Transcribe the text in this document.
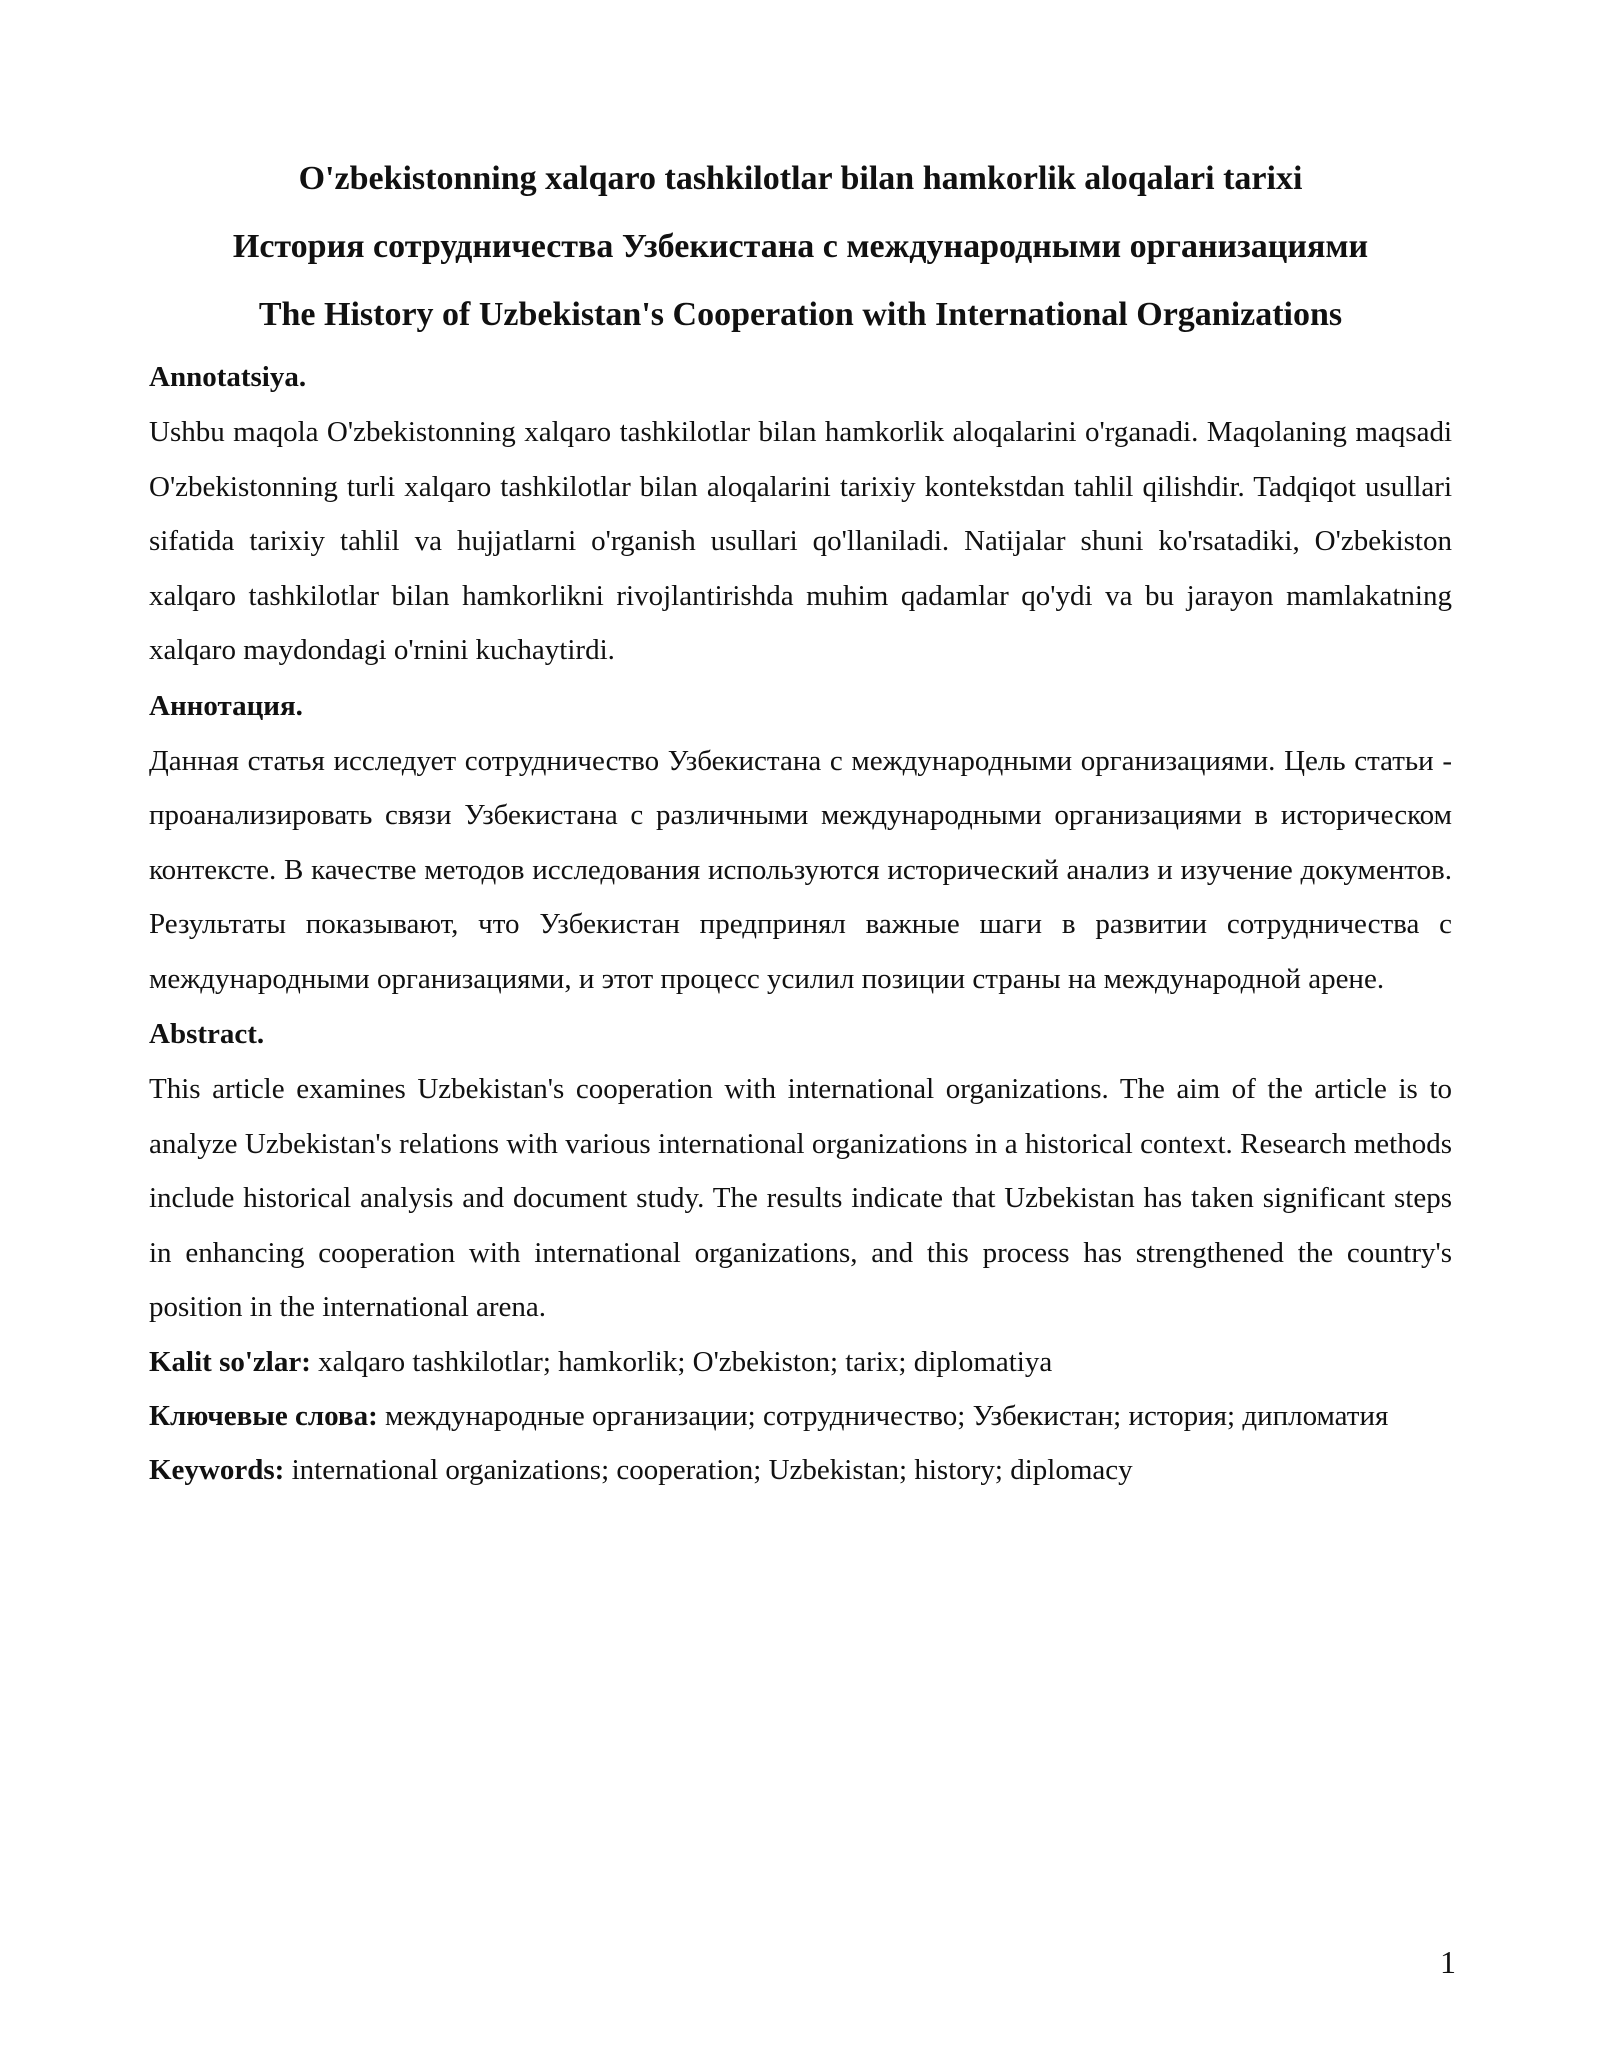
O'zbekistonning xalqaro tashkilotlar bilan hamkorlik aloqalari tarixi
История сотрудничества Узбекистана с международными организациями
The History of Uzbekistan's Cooperation with International Organizations
Annotatsiya.

Ushbu maqola O'zbekistonning xalqaro tashkilotlar bilan hamkorlik aloqalarini o'rganadi. Maqolaning maqsadi O'zbekistonning turli xalqaro tashkilotlar bilan aloqalarini tarixiy kontekstdan tahlil qilishdir. Tadqiqot usullari sifatida tarixiy tahlil va hujjatlarni o'rganish usullari qo'llaniladi. Natijalar shuni ko'rsatadiki, O'zbekiston xalqaro tashkilotlar bilan hamkorlikni rivojlantirishda muhim qadamlar qo'ydi va bu jarayon mamlakatning xalqaro maydondagi o'rnini kuchaytirdi.

Аннотация.

Данная статья исследует сотрудничество Узбекистана с международными организациями. Цель статьи - проанализировать связи Узбекистана с различными международными организациями в историческом контексте. В качестве методов исследования используются исторический анализ и изучение документов. Результаты показывают, что Узбекистан предпринял важные шаги в развитии сотрудничества с международными организациями, и этот процесс усилил позиции страны на международной арене.

Abstract.

This article examines Uzbekistan's cooperation with international organizations. The aim of the article is to analyze Uzbekistan's relations with various international organizations in a historical context. Research methods include historical analysis and document study. The results indicate that Uzbekistan has taken significant steps in enhancing cooperation with international organizations, and this process has strengthened the country's position in the international arena.

Kalit so'zlar: xalqaro tashkilotlar; hamkorlik; O'zbekiston; tarix; diplomatiya

Ключевые слова: международные организации; сотрудничество; Узбекистан; история; дипломатия

Keywords: international organizations; cooperation; Uzbekistan; history; diplomacy

1
